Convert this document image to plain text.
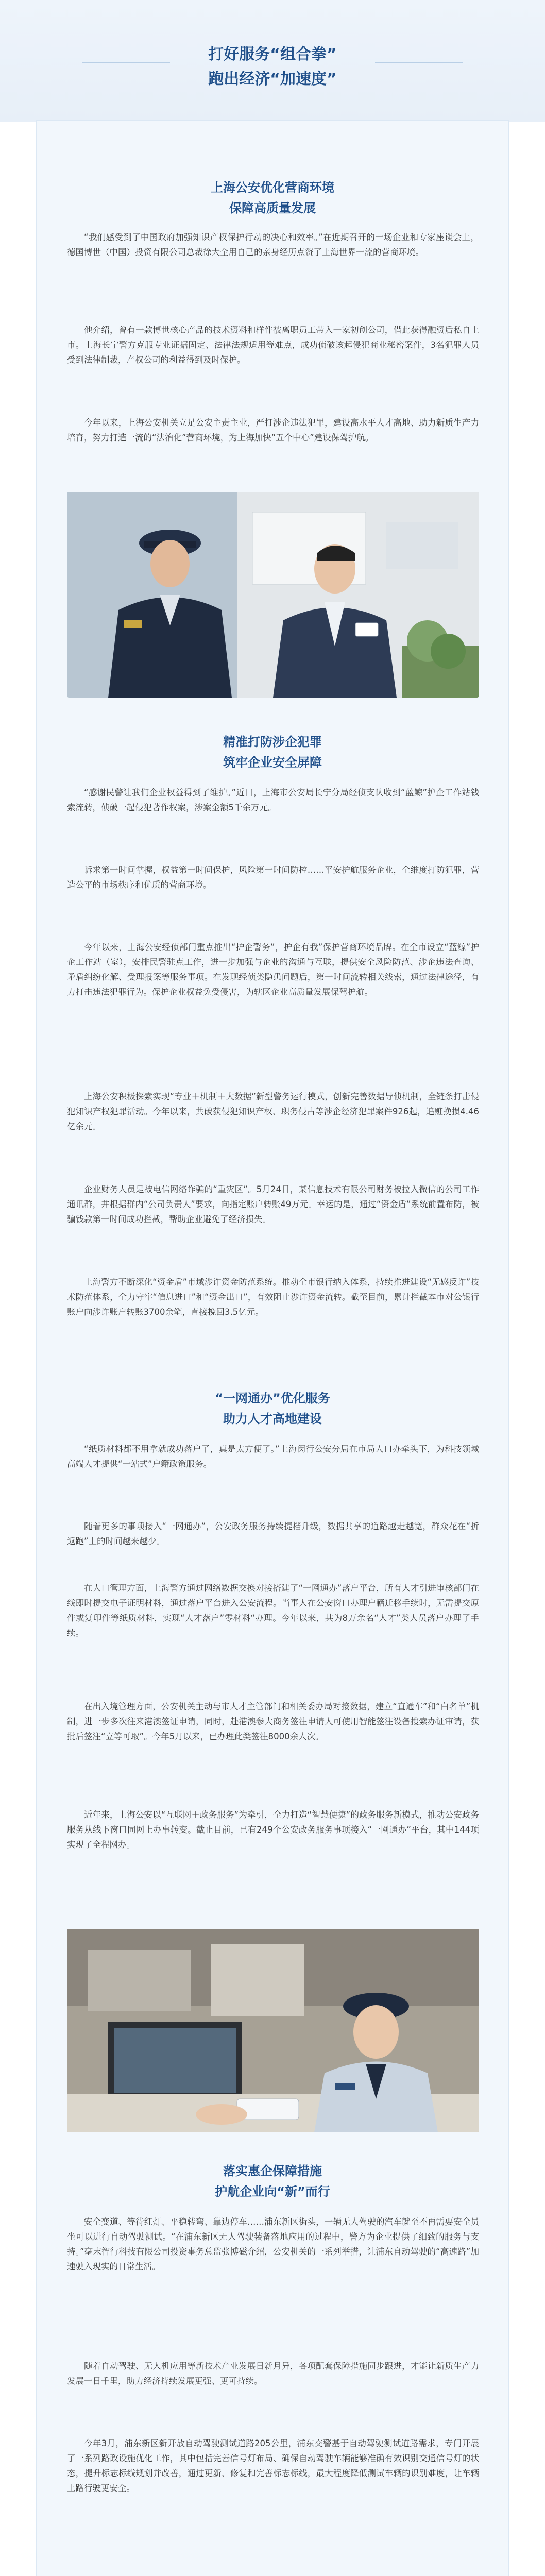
打好服务“组合拳”
跑出经济“加速度”
上海公安优化营商环境
保障高质量发展
“我们感受到了中国政府加强知识产权保护行动的决心和效率。”在近期召开的一场企业和专家座谈会上，德国博世（中国）投资有限公司总裁徐大全用自己的亲身经历点赞了上海世界一流的营商环境。
他介绍，曾有一款博世核心产品的技术资料和样件被离职员工带入一家初创公司，借此获得融资后私自上市。上海长宁警方克服专业证据固定、法律法规适用等难点，成功侦破该起侵犯商业秘密案件，3名犯罪人员受到法律制裁，产权公司的利益得到及时保护。
今年以来，上海公安机关立足公安主责主业，严打涉企违法犯罪，建设高水平人才高地、助力新质生产力培育，努力打造一流的“法治化”营商环境，为上海加快“五个中心”建设保驾护航。
精准打防涉企犯罪
筑牢企业安全屏障
“感谢民警让我们企业权益得到了维护。”近日，上海市公安局长宁分局经侦支队收到“蓝鲸”护企工作站钱索流转，侦破一起侵犯著作权案，涉案金额5千余万元。
诉求第一时间掌握，权益第一时间保护，风险第一时间防控……平安护航服务企业，全维度打防犯罪，营造公平的市场秩序和优质的营商环境。
今年以来，上海公安经侦部门重点推出“护企警务”，护企有我”保护营商环境品牌。在全市设立“蓝鲸”护企工作站（室），安排民警驻点工作，进一步加强与企业的沟通与互联，提供安全风险防范、涉企违法查询、矛盾纠纷化解、受理报案等服务事项。在发现经侦类隐患问题后，第一时间流转相关线索，通过法律途径，有力打击违法犯罪行为。保护企业权益免受侵害，为辖区企业高质量发展保驾护航。
上海公安积极探索实现“专业＋机制＋大数据”新型警务运行模式，创新完善数据导侦机制，全链条打击侵犯知识产权犯罪活动。今年以来，共破获侵犯知识产权、职务侵占等涉企经济犯罪案件926起，追赃挽损4.46亿余元。
企业财务人员是被电信网络诈骗的“重灾区”。5月24日，某信息技术有限公司财务被拉入微信的公司工作通讯群，并根据群内“公司负责人”要求，向指定账户转账49万元。幸运的是，通过“资金盾”系统前置布防，被骗钱款第一时间成功拦截，帮助企业避免了经济损失。
上海警方不断深化“资金盾”市域涉诈资金防范系统。推动全市银行纳入体系，持续推进建设“无感反诈”技术防范体系，全力守牢“信息进口”和“资金出口”，有效阻止涉诈资金流转。截至目前，累计拦截本市对公银行账户向涉诈账户转账3700余笔，直接挽回3.5亿元。
“一网通办”优化服务
助力人才高地建设
“纸质材料都不用拿就成功落户了，真是太方便了。”上海闵行公安分局在市局人口办牵头下，为科技领域高端人才提供“一站式”户籍政策服务。
随着更多的事项接入“一网通办”，公安政务服务持续提档升级，数据共享的道路越走越宽，群众花在“折返跑”上的时间越来越少。
在人口管理方面，上海警方通过网络数据交换对接搭建了“一网通办”落户平台，所有人才引进审核部门在线即时提交电子证明材料，通过落户平台进入公安流程。当事人在公安窗口办理户籍迁移手续时，无需提交原件或复印件等纸质材料，实现“人才落户”零材料“办理。今年以来，共为8万余名“人才”类人员落户办理了手续。
在出入境管理方面，公安机关主动与市人才主管部门和相关委办局对接数据，建立“直通车”和“白名单”机制，进一步多次往来港澳签证申请，同时，赴港澳参大商务签注申请人可使用智能签注设备搜索办证审请，获批后签注“立等可取”。今年5月以来，已办理此类签注8000余人次。
近年来，上海公安以“互联网＋政务服务”为牵引，全力打造“智慧便捷”的政务服务新模式，推动公安政务服务从线下窗口同网上办事转变。截止目前，已有249个公安政务服务事项接入“一网通办”平台，其中144项实现了全程网办。
落实惠企保障措施
护航企业向“新”而行
安全变道、等待红灯、平稳转弯、靠边停车……浦东新区街头，一辆无人驾驶的汽车就至不再需要安全员坐可以进行自动驾驶测试。“在浦东新区无人驾驶装备落地应用的过程中，警方为企业提供了细致的服务与支持。”毫末智行科技有限公司投资事务总监张博磁介绍，公安机关的一系列举措，让浦东自动驾驶的“高速路”加速驶入现实的日常生活。
随着自动驾驶、无人机应用等新技术产业发展日新月异，各项配套保障措施同步跟进，才能让新质生产力发展一日千里，助力经济持续发展更强、更可持续。
今年3月，浦东新区新开放自动驾驶测试道路205公里，浦东交警基于自动驾驶测试道路需求，专门开展了一系列路政设施优化工作，其中包括完善信号灯布局、确保自动驾驶车辆能够准确有效识别交通信号灯的状态，提升标志标线规划并改善，通过更新、修复和完善标志标线，最大程度降低测试车辆的识别难度，让车辆上路行驶更安全。
